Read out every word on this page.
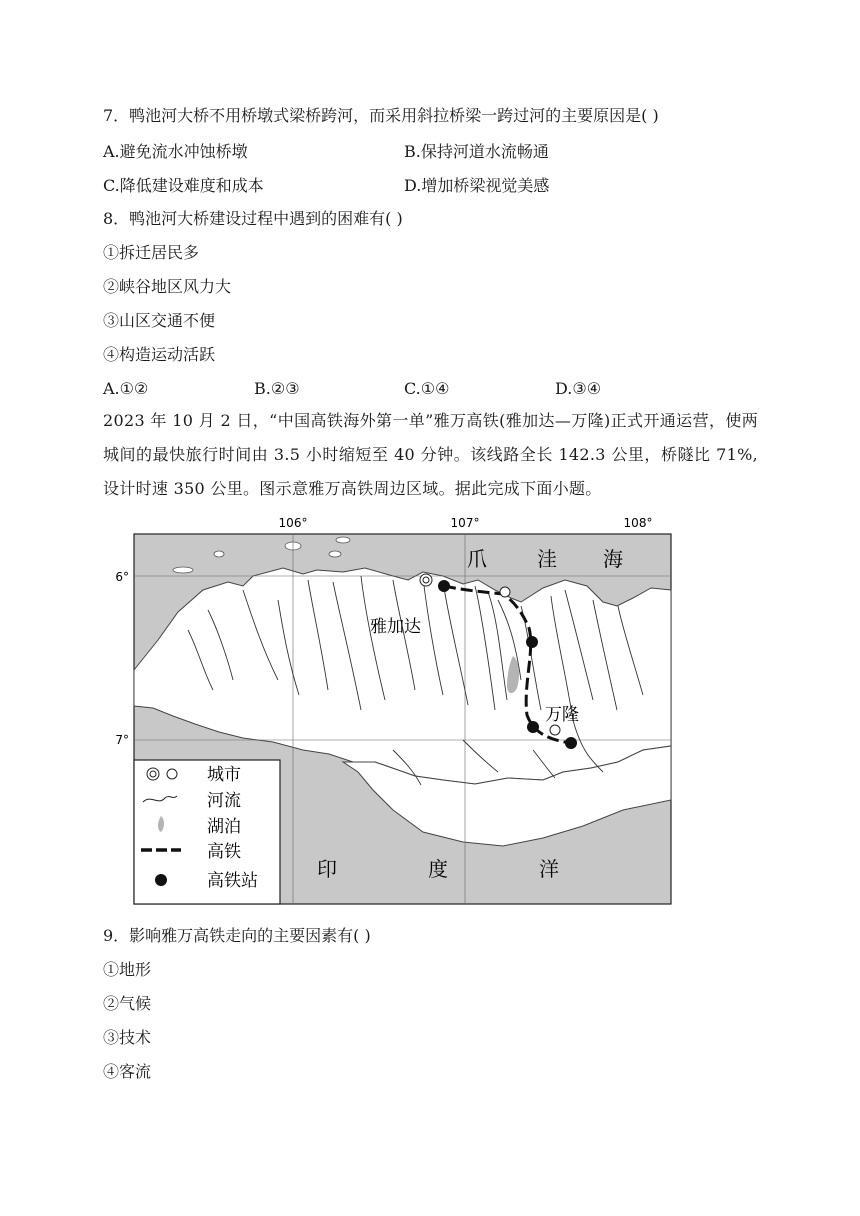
7．鸭池河大桥不用桥墩式梁桥跨河，而采用斜拉桥梁一跨过河的主要原因是( )
A.避免流水冲蚀桥墩	B.保持河道水流畅通
C.降低建设难度和成本	D.增加桥梁视觉美感
8．鸭池河大桥建设过程中遇到的困难有( )
①拆迁居民多
②峡谷地区风力大
③山区交通不便
④构造运动活跃
A.①②	B.②③	C.①④	D.③④
2023 年 10 月 2 日，“中国高铁海外第一单”雅万高铁(雅加达—万隆)正式开通运营，使两城间的最快旅行时间由 3.5 小时缩短至 40 分钟。该线路全长 142.3 公里，桥隧比 71%,设计时速 350 公里。图示意雅万高铁周边区域。据此完成下面小题。
106°	107°	108°
6°
7°
爪	洼 海
印	度	洋
雅加达
万隆
城市
河流
湖泊
高铁
高铁站
9．影响雅万高铁走向的主要因素有( )
①地形
②气候
③技术
④客流
